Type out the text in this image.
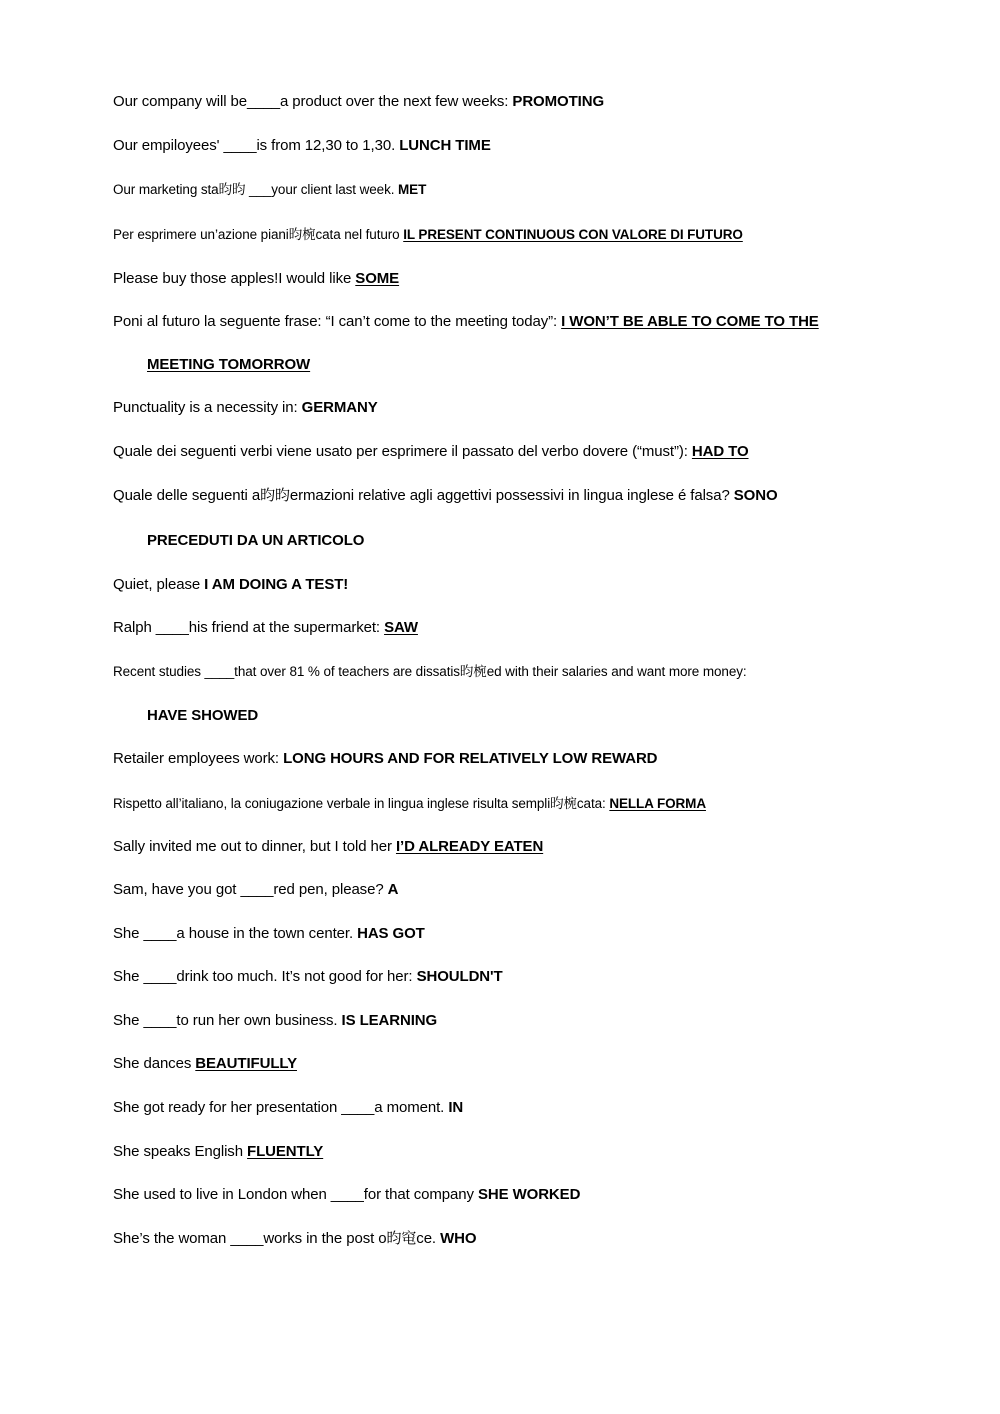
Our company will be____a product over the next few weeks: PROMOTING
Our empiloyees' ____is from 12,30 to 1,30. LUNCH TIME
Our marketing sta昀昀 ___your client last week. MET
Per esprimere un’azione piani昀椀cata nel futuro IL PRESENT CONTINUOUS CON VALORE DI FUTURO
Please buy those apples!I would like SOME
Poni al futuro la seguente frase: “I can’t come to the meeting today”: I WON’T BE ABLE TO COME TO THE
MEETING TOMORROW
Punctuality is a necessity in: GERMANY
Quale dei seguenti verbi viene usato per esprimere il passato del verbo dovere (“must”): HAD TO
Quale delle seguenti a昀昀ermazioni relative agli aggettivi possessivi in lingua inglese é falsa? SONO
PRECEDUTI DA UN ARTICOLO
Quiet, please I AM DOING A TEST!
Ralph ____his friend at the supermarket: SAW
Recent studies ____that over 81 % of teachers are dissatis昀椀ed with their salaries and want more money:
HAVE SHOWED
Retailer employees work: LONG HOURS AND FOR RELATIVELY LOW REWARD
Rispetto all’italiano, la coniugazione verbale in lingua inglese risulta sempli昀椀cata: NELLA FORMA
Sally invited me out to dinner, but I told her I’D ALREADY EATEN
Sam, have you got ____red pen, please? A
She ____a house in the town center. HAS GOT
She ____drink too much. It’s not good for her: SHOULDN'T
She ____to run her own business. IS LEARNING
She dances BEAUTIFULLY
She got ready for her presentation ____a moment. IN
She speaks English FLUENTLY
She used to live in London when ____for that company SHE WORKED
She’s the woman ____works in the post o昀窀ce. WHO
